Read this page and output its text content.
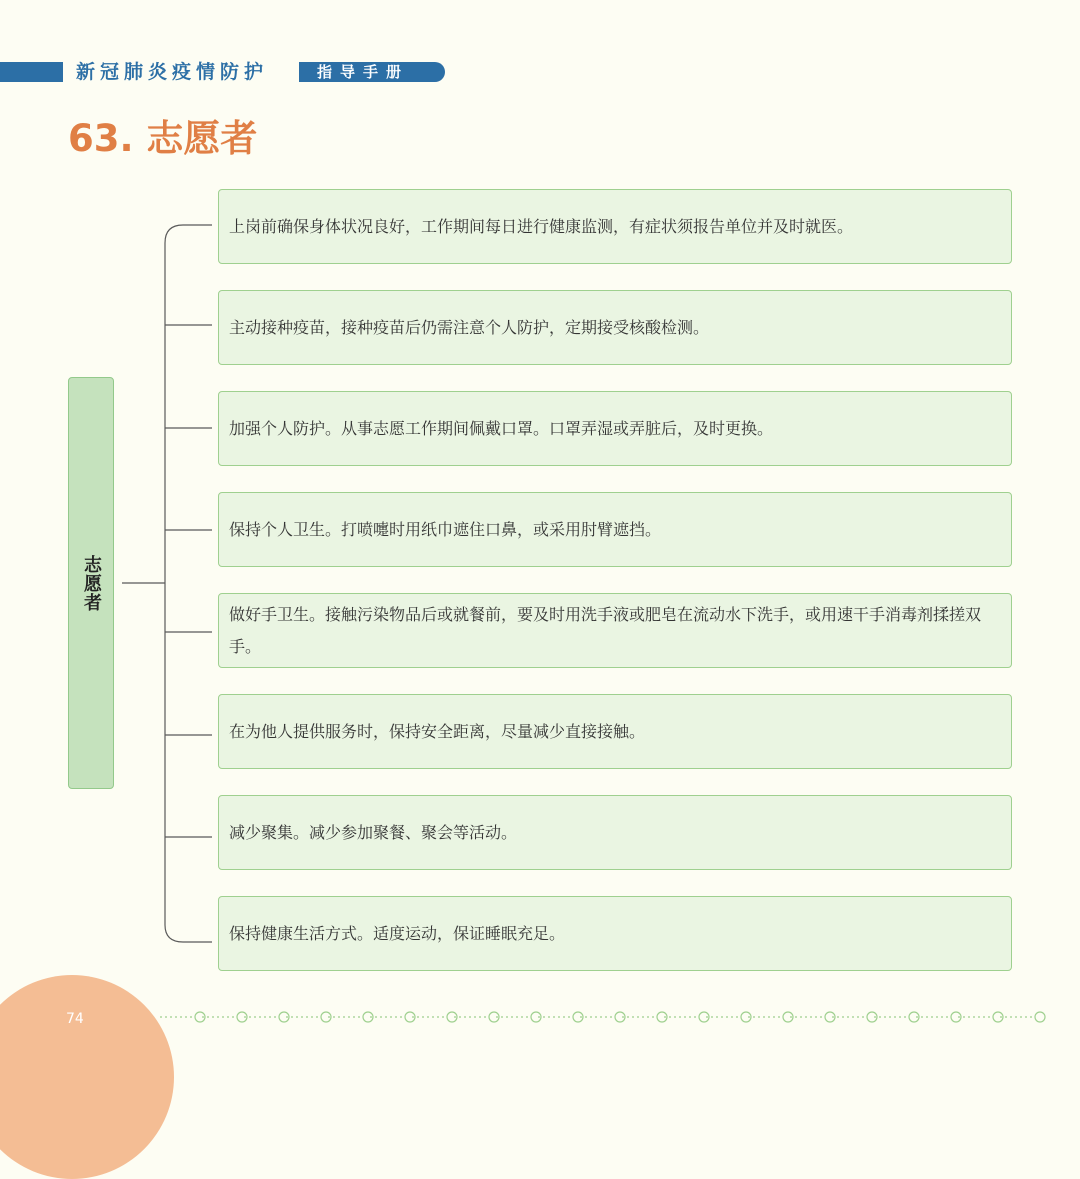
新冠肺炎疫情防护	指导手册
63. 志愿者
志愿者
上岗前确保身体状况良好，工作期间每日进行健康监测，有症状须报告单位并及时就医。
主动接种疫苗，接种疫苗后仍需注意个人防护，定期接受核酸检测。
加强个人防护。从事志愿工作期间佩戴口罩。口罩弄湿或弄脏后，及时更换。
保持个人卫生。打喷嚏时用纸巾遮住口鼻，或采用肘臂遮挡。
做好手卫生。接触污染物品后或就餐前，要及时用洗手液或肥皂在流动水下洗手，或用速干手消毒剂揉搓双手。
在为他人提供服务时，保持安全距离，尽量减少直接接触。
减少聚集。减少参加聚餐、聚会等活动。
保持健康生活方式。适度运动，保证睡眠充足。
74
